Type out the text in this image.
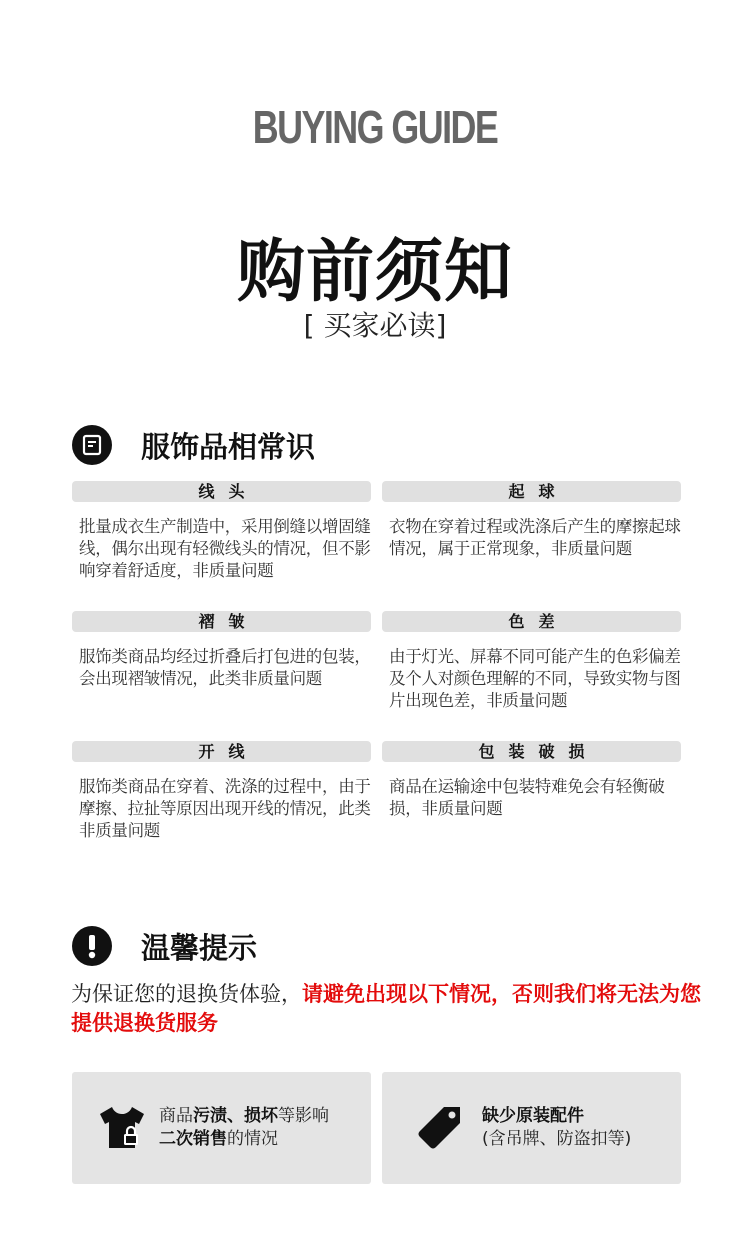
BUYING GUIDE
购前须知
[ 买家必读]
服饰品相常识
线头
批量成衣生产制造中，采用倒缝以增固缝线，偶尔出现有轻微线头的情况，但不影响穿着舒适度，非质量问题
起球
衣物在穿着过程或洗涤后产生的摩擦起球情况，属于正常现象，非质量问题
褶皱
服饰类商品均经过折叠后打包进的包装，会出现褶皱情况，此类非质量问题
色差
由于灯光、屏幕不同可能产生的色彩偏差及个人对颜色理解的不同，导致实物与图片出现色差，非质量问题
开线
服饰类商品在穿着、洗涤的过程中，由于摩擦、拉扯等原因出现开线的情况，此类非质量问题
包装破损
商品在运输途中包装特难免会有轻衡破损，非质量问题
温馨提示
为保证您的退换货体验，请避免出现以下情况，否则我们将无法为您提供退换货服务
商品污渍、损坏等影响
二次销售的情况
缺少原装配件
(含吊牌、防盗扣等)
